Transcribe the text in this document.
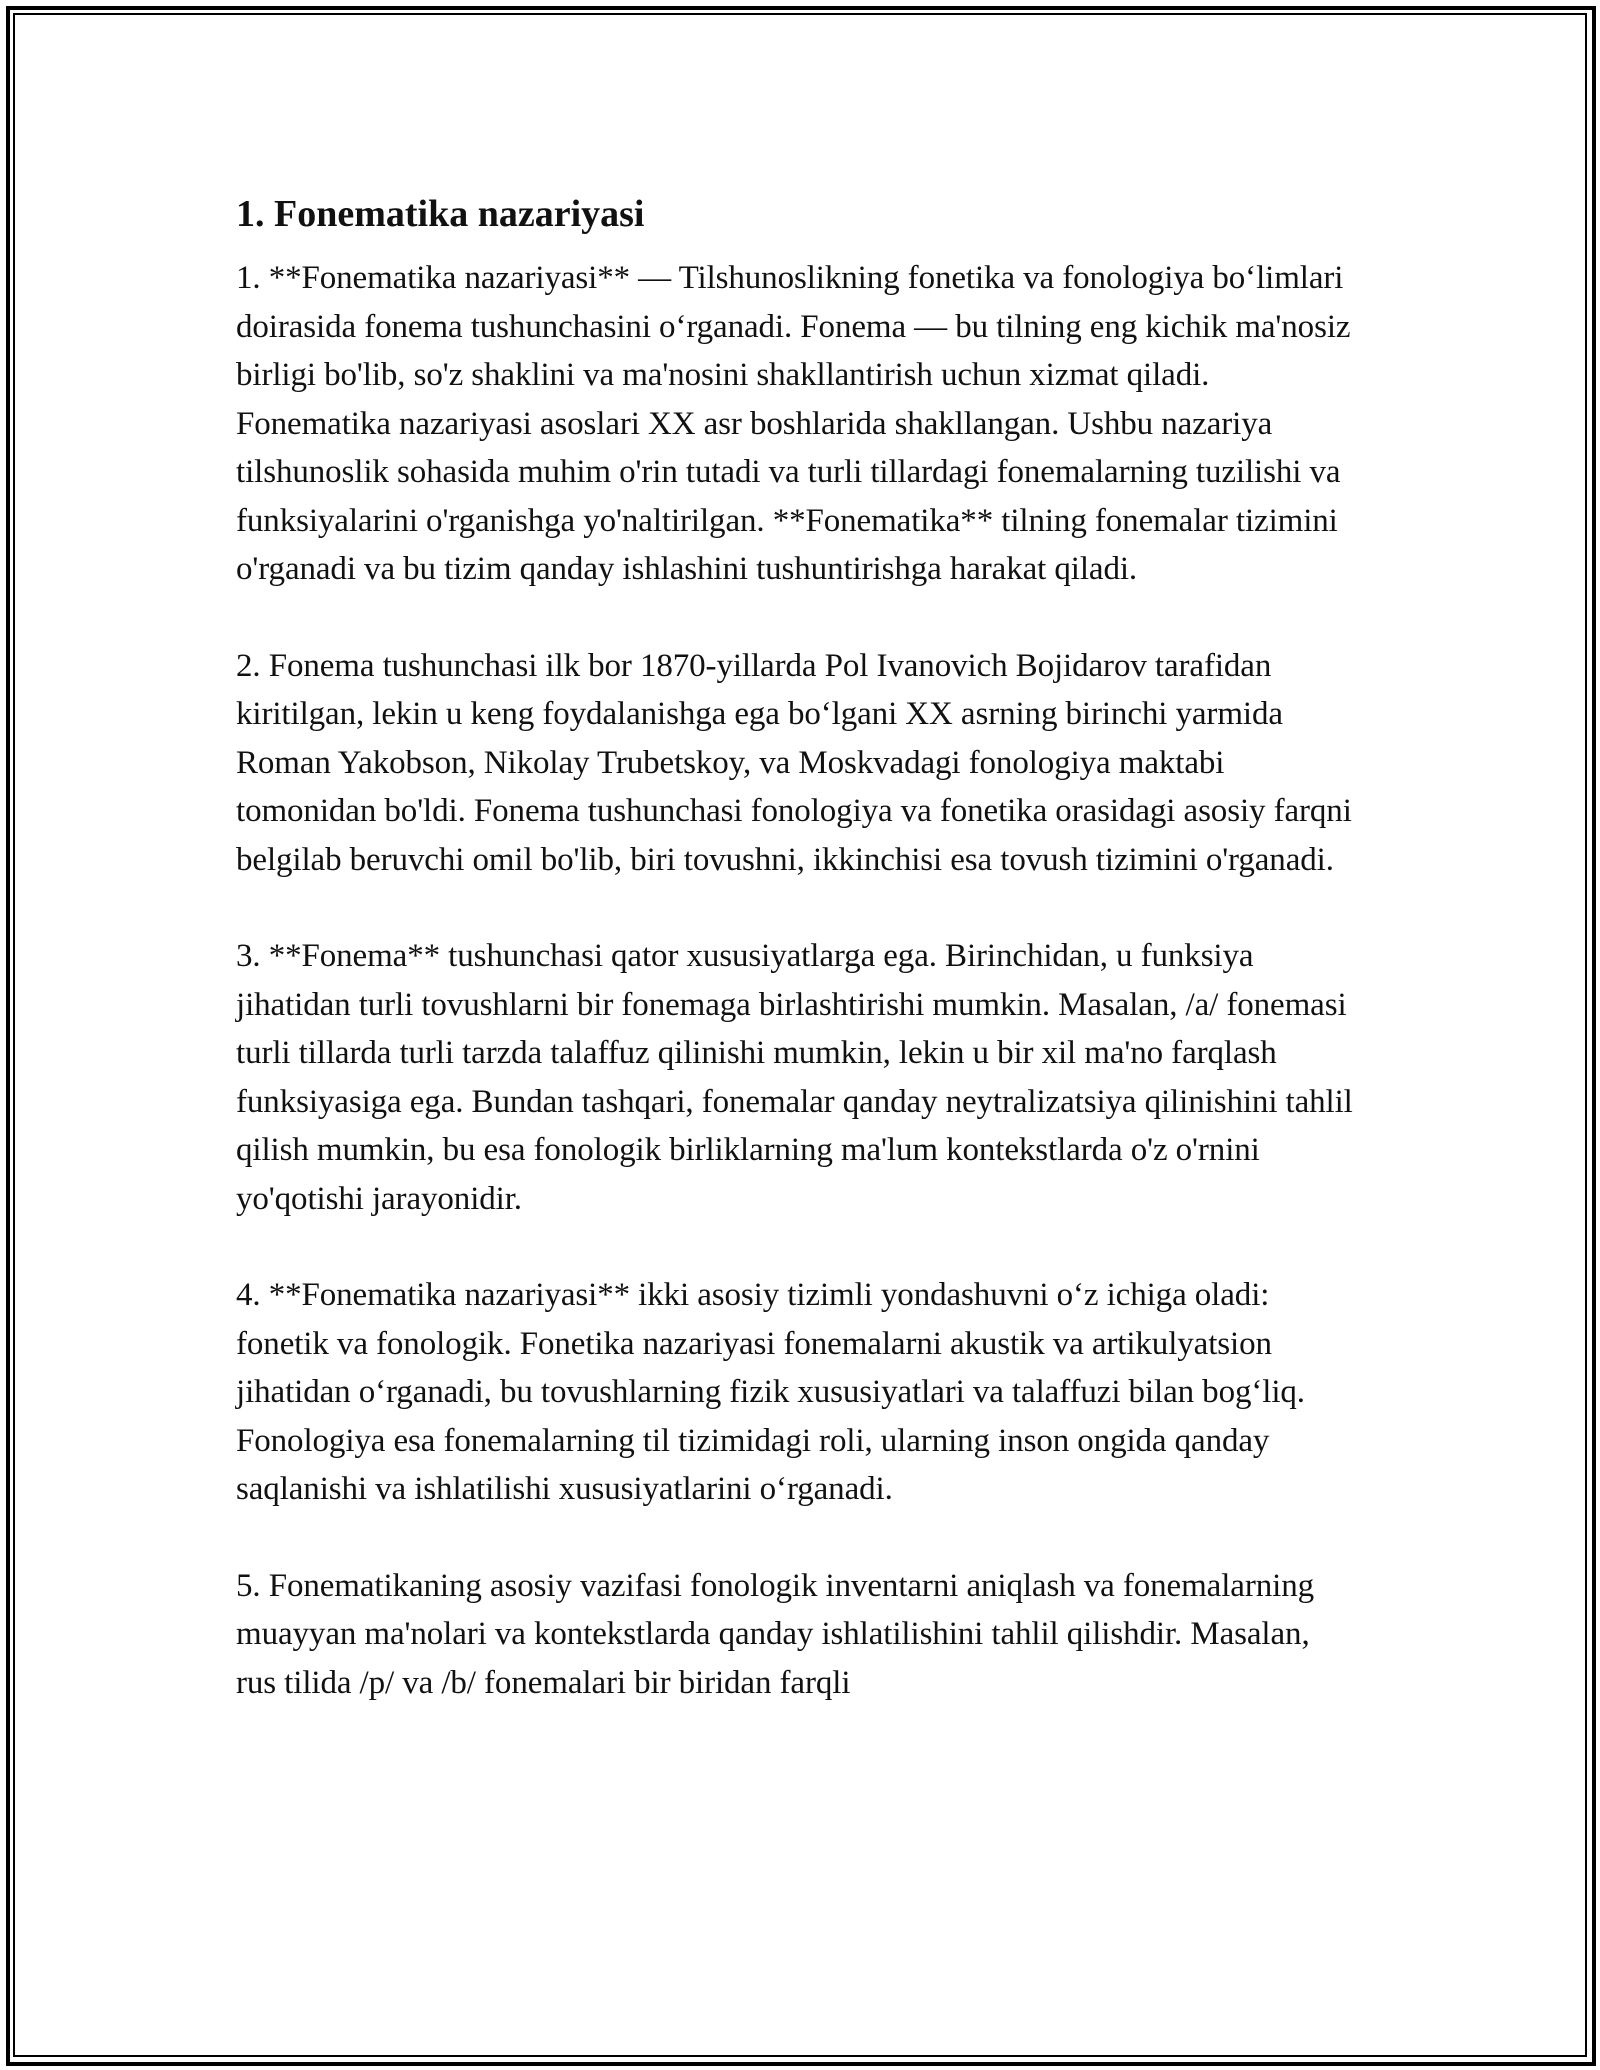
1. Fonematika nazariyasi

1. **Fonematika nazariyasi** — Tilshunoslikning fonetika va fonologiya bo‘limlari doirasida fonema tushunchasini o‘rganadi. Fonema — bu tilning eng kichik ma'nosiz birligi bo'lib, so'z shaklini va ma'nosini shakllantirish uchun xizmat qiladi. Fonematika nazariyasi asoslari XX asr boshlarida shakllangan. Ushbu nazariya tilshunoslik sohasida muhim o'rin tutadi va turli tillardagi fonemalarning tuzilishi va funksiyalarini o'rganishga yo'naltirilgan. **Fonematika** tilning fonemalar tizimini o'rganadi va bu tizim qanday ishlashini tushuntirishga harakat qiladi.

2. Fonema tushunchasi ilk bor 1870-yillarda Pol Ivanovich Bojidarov tarafidan kiritilgan, lekin u keng foydalanishga ega bo‘lgani XX asrning birinchi yarmida Roman Yakobson, Nikolay Trubetskoy, va Moskvadagi fonologiya maktabi tomonidan bo'ldi. Fonema tushunchasi fonologiya va fonetika orasidagi asosiy farqni belgilab beruvchi omil bo'lib, biri tovushni, ikkinchisi esa tovush tizimini o'rganadi.

3. **Fonema** tushunchasi qator xususiyatlarga ega. Birinchidan, u funksiya jihatidan turli tovushlarni bir fonemaga birlashtirishi mumkin. Masalan, /a/ fonemasi turli tillarda turli tarzda talaffuz qilinishi mumkin, lekin u bir xil ma'no farqlash funksiyasiga ega. Bundan tashqari, fonemalar qanday neytralizatsiya qilinishini tahlil qilish mumkin, bu esa fonologik birliklarning ma'lum kontekstlarda o'z o'rnini yo'qotishi jarayonidir.

4. **Fonematika nazariyasi** ikki asosiy tizimli yondashuvni o‘z ichiga oladi: fonetik va fonologik. Fonetika nazariyasi fonemalarni akustik va artikulyatsion jihatidan o‘rganadi, bu tovushlarning fizik xususiyatlari va talaffuzi bilan bog‘liq. Fonologiya esa fonemalarning til tizimidagi roli, ularning inson ongida qanday saqlanishi va ishlatilishi xususiyatlarini o‘rganadi.

5. Fonematikaning asosiy vazifasi fonologik inventarni aniqlash va fonemalarning muayyan ma'nolari va kontekstlarda qanday ishlatilishini tahlil qilishdir. Masalan, rus tilida /p/ va /b/ fonemalari bir biridan farqli
